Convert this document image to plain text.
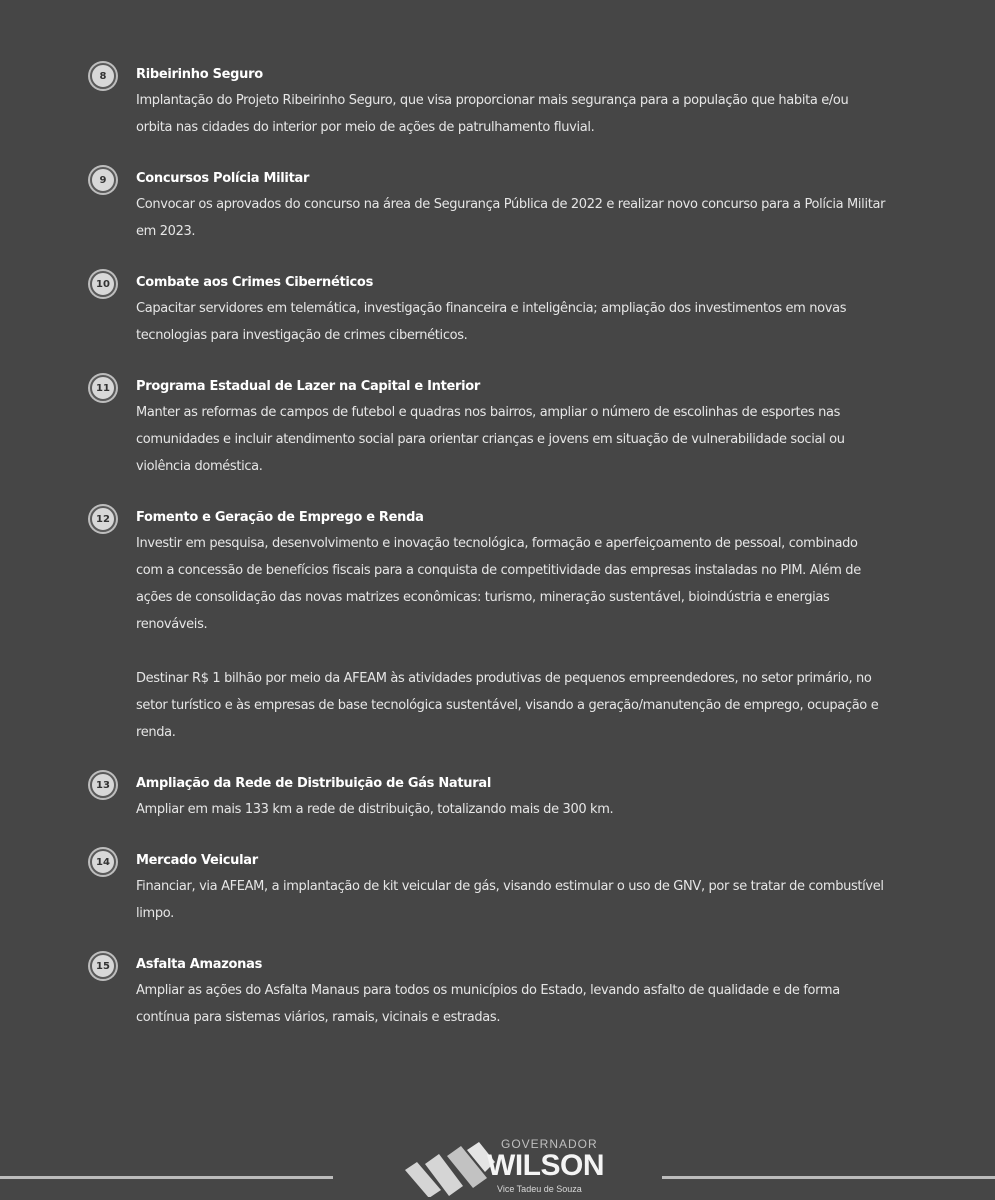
8	Ribeirinho Seguro

Implantação do Projeto Ribeirinho Seguro, que visa proporcionar mais segurança para a população que habita e/ou orbita nas cidades do interior por meio de ações de patrulhamento fluvial.

9	Concursos Polícia Militar

Convocar os aprovados do concurso na área de Segurança Pública de 2022 e realizar novo concurso para a Polícia Militar em 2023.

10	Combate aos Crimes Cibernéticos

Capacitar servidores em telemática, investigação financeira e inteligência; ampliação dos investimentos em novas tecnologias para investigação de crimes cibernéticos.

11	Programa Estadual de Lazer na Capital e Interior

Manter as reformas de campos de futebol e quadras nos bairros, ampliar o número de escolinhas de esportes nas comunidades e incluir atendimento social para orientar crianças e jovens em situação de vulnerabilidade social ou violência doméstica.

12	Fomento e Geração de Emprego e Renda

Investir em pesquisa, desenvolvimento e inovação tecnológica, formação e aperfeiçoamento de pessoal, combinado com a concessão de benefícios fiscais para a conquista de competitividade das empresas instaladas no PIM. Além de ações de consolidação das novas matrizes econômicas: turismo, mineração sustentável, bioindústria e energias renováveis.

Destinar R$ 1 bilhão por meio da AFEAM às atividades produtivas de pequenos empreendedores, no setor primário, no setor turístico e às empresas de base tecnológica sustentável, visando a geração/manutenção de emprego, ocupação e renda.

13	Ampliação da Rede de Distribuição de Gás Natural

Ampliar em mais 133 km a rede de distribuição, totalizando mais de 300 km.

14	Mercado Veicular

Financiar, via AFEAM, a implantação de kit veicular de gás, visando estimular o uso de GNV, por se tratar de combustível limpo.

15	Asfalta Amazonas

Ampliar as ações do Asfalta Manaus para todos os municípios do Estado, levando asfalto de qualidade e de forma contínua para sistemas viários, ramais, vicinais e estradas.

GOVERNADOR
WILSON
Vice Tadeu de Souza
